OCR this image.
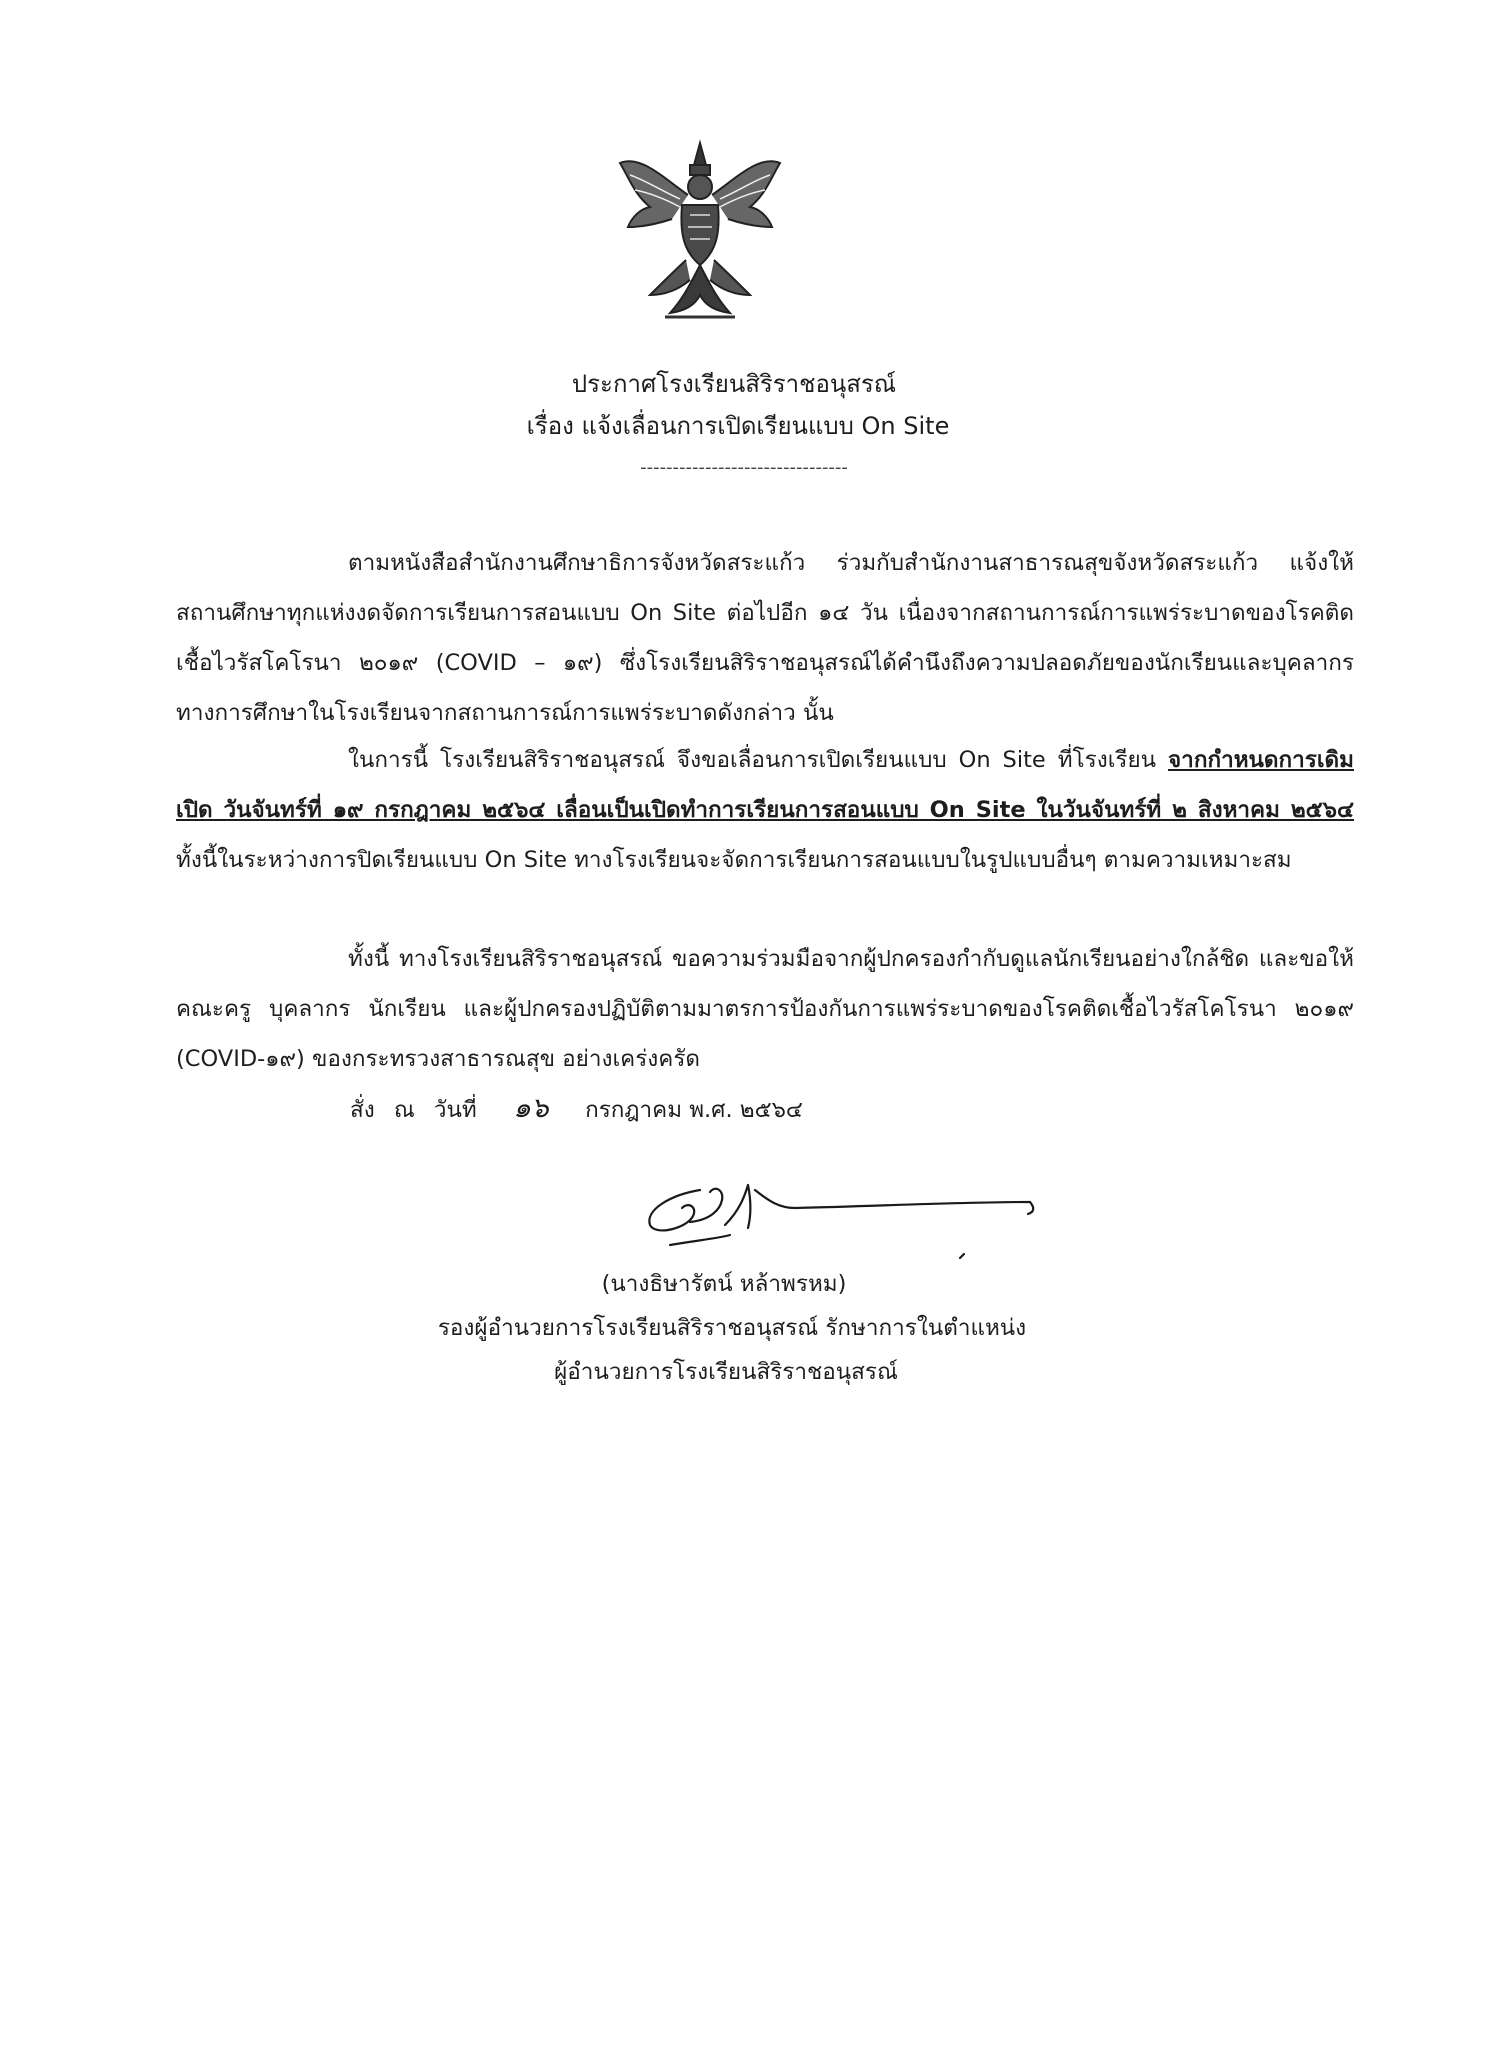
ประกาศโรงเรียนสิริราชอนุสรณ์
เรื่อง แจ้งเลื่อนการเปิดเรียนแบบ On Site
--------------------------------
ตามหนังสือสำนักงานศึกษาธิการจังหวัดสระแก้ว ร่วมกับสำนักงานสาธารณสุขจังหวัดสระแก้ว แจ้งให้สถานศึกษาทุกแห่งงดจัดการเรียนการสอนแบบ On Site ต่อไปอีก ๑๔ วัน เนื่องจากสถานการณ์การแพร่ระบาดของโรคติดเชื้อไวรัสโคโรนา ๒๐๑๙ (COVID – ๑๙) ซึ่งโรงเรียนสิริราชอนุสรณ์ได้คำนึงถึงความปลอดภัยของนักเรียนและบุคลากรทางการศึกษาในโรงเรียนจากสถานการณ์การแพร่ระบาดดังกล่าว นั้น
ในการนี้ โรงเรียนสิริราชอนุสรณ์ จึงขอเลื่อนการเปิดเรียนแบบ On Site ที่โรงเรียน จากกำหนดการเดิมเปิด วันจันทร์ที่ ๑๙ กรกฎาคม ๒๕๖๔ เลื่อนเป็นเปิดทำการเรียนการสอนแบบ On Site ในวันจันทร์ที่ ๒ สิงหาคม ๒๕๖๔ ทั้งนี้ในระหว่างการปิดเรียนแบบ On Site ทางโรงเรียนจะจัดการเรียนการสอนแบบในรูปแบบอื่นๆ ตามความเหมาะสม
ทั้งนี้ ทางโรงเรียนสิริราชอนุสรณ์ ขอความร่วมมือจากผู้ปกครองกำกับดูแลนักเรียนอย่างใกล้ชิด และขอให้คณะครู บุคลากร นักเรียน และผู้ปกครองปฏิบัติตามมาตรการป้องกันการแพร่ระบาดของโรคติดเชื้อไวรัสโคโรนา ๒๐๑๙ (COVID-๑๙) ของกระทรวงสาธารณสุข อย่างเคร่งครัด
สั่ง ณ วันที่ ๑๖ กรกฎาคม พ.ศ. ๒๕๖๔
(นางธิษารัตน์ หล้าพรหม)
รองผู้อำนวยการโรงเรียนสิริราชอนุสรณ์ รักษาการในตำแหน่ง
ผู้อำนวยการโรงเรียนสิริราชอนุสรณ์
